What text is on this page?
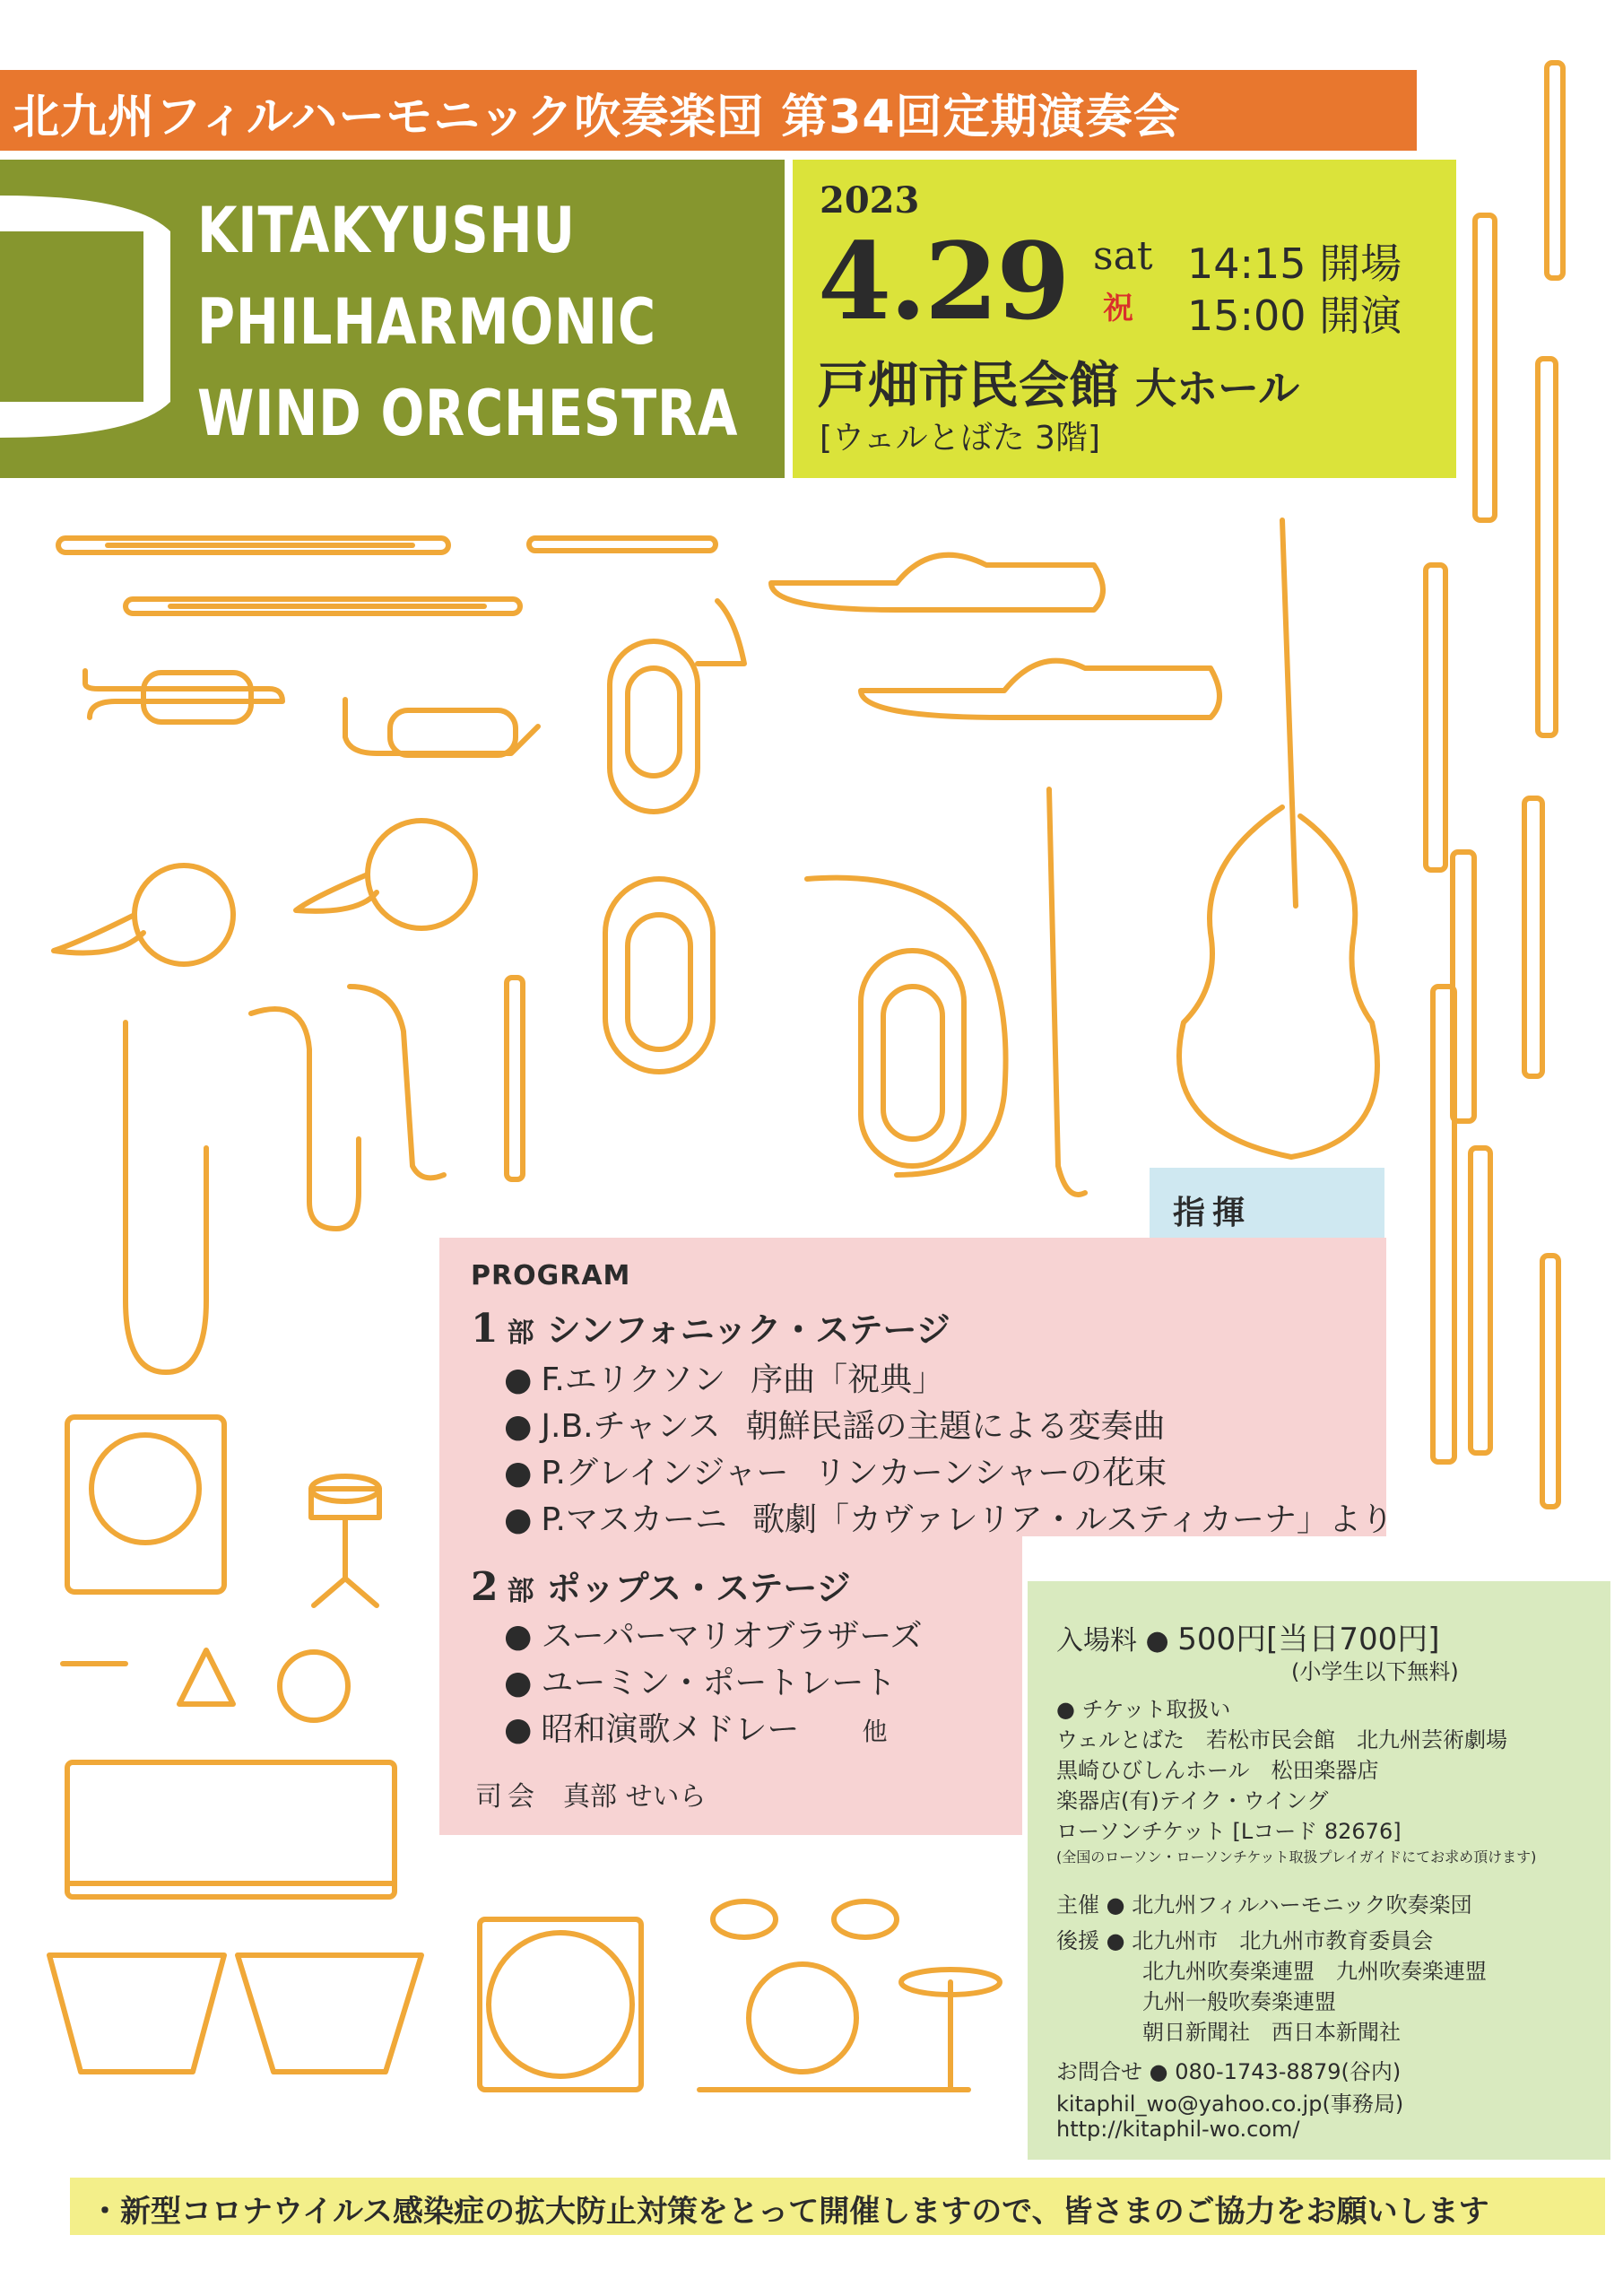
北九州フィルハーモニック吹奏楽団 第34回定期演奏会
KITAKYUSHU
PHILHARMONIC
WIND ORCHESTRA
2023
4.29 sat
祝
14:15 開場
15:00 開演
戸畑市民会館 大ホール
[ウェルとばた 3階]
指揮
PROGRAM
1 部 シンフォニック・ステージ
● F.エリクソン 序曲「祝典」
● J.B.チャンス 朝鮮民謡の主題による変奏曲
● P.グレインジャー リンカーンシャーの花束
● P.マスカーニ 歌劇「カヴァレリア・ルスティカーナ」より
2 部 ポップス・ステージ
● スーパーマリオブラザーズ
● ユーミン・ポートレート
● 昭和演歌メドレー	他
司会 真部 せいら
入場料 ● 500円[当日700円]
(小学生以下無料)
● チケット取扱い
ウェルとばた　若松市民会館　北九州芸術劇場
黒崎ひびしんホール　松田楽器店
楽器店(有)テイク・ウイング
ローソンチケット [Lコード 82676]
(全国のローソン・ローソンチケット取扱プレイガイドにてお求め頂けます)
主催 ● 北九州フィルハーモニック吹奏楽団
後援 ● 北九州市　北九州市教育委員会
北九州吹奏楽連盟　九州吹奏楽連盟
九州一般吹奏楽連盟
朝日新聞社　西日本新聞社
お問合せ ● 080-1743-8879(谷内)
kitaphil_wo@yahoo.co.jp(事務局)
http://kitaphil-wo.com/
・新型コロナウイルス感染症の拡大防止対策をとって開催しますので、皆さまのご協力をお願いします
